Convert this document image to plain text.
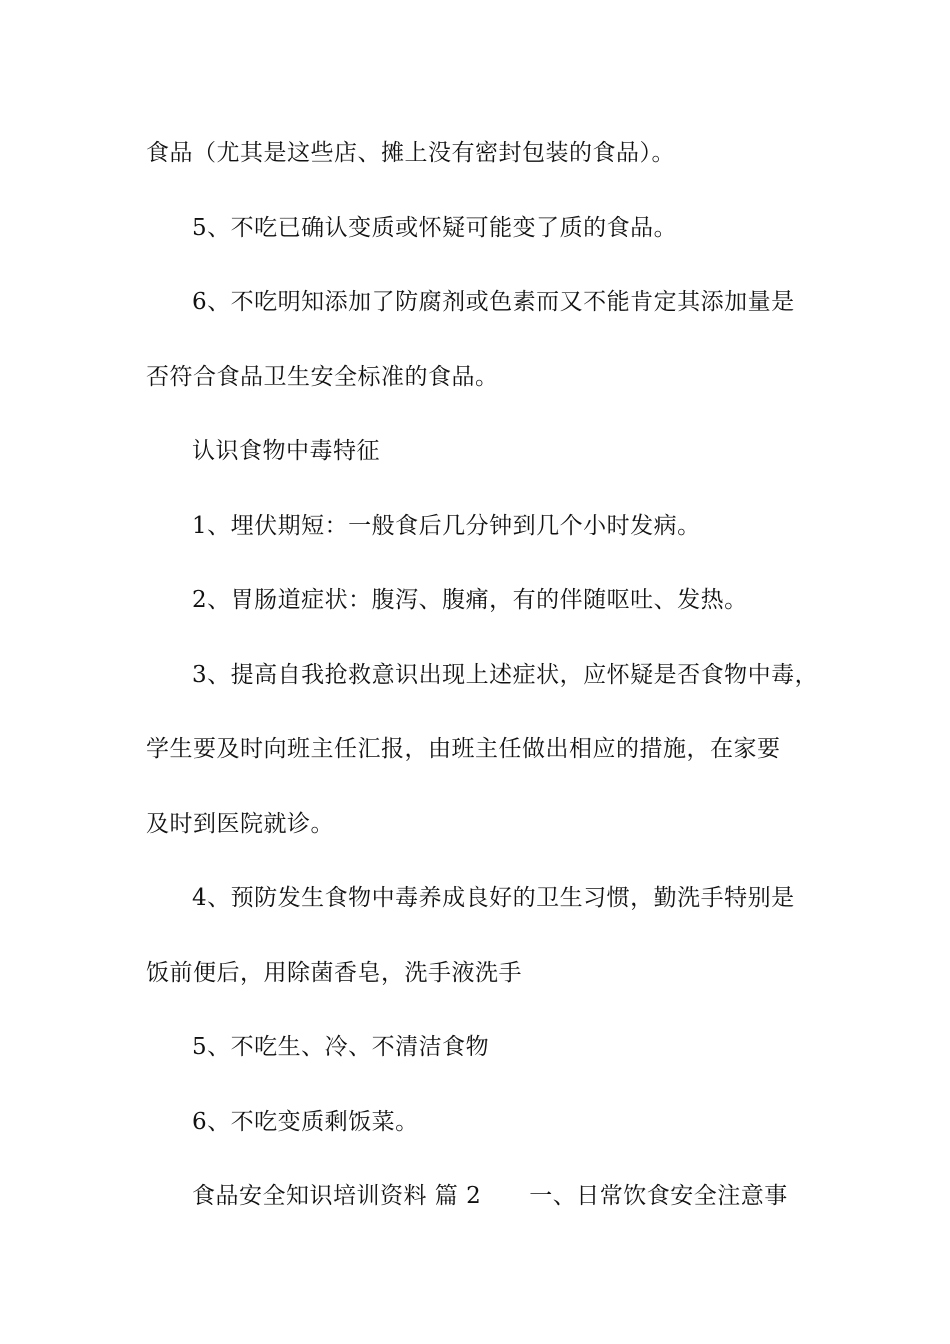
食品（尤其是这些店、摊上没有密封包装的食品）。
5、不吃已确认变质或怀疑可能变了质的食品。
6、不吃明知添加了防腐剂或色素而又不能肯定其添加量是
否符合食品卫生安全标准的食品。
认识食物中毒特征
1、埋伏期短：一般食后几分钟到几个小时发病。
2、胃肠道症状：腹泻、腹痛，有的伴随呕吐、发热。
3、提高自我抢救意识出现上述症状，应怀疑是否食物中毒，
学生要及时向班主任汇报，由班主任做出相应的措施，在家要
及时到医院就诊。
4、预防发生食物中毒养成良好的卫生习惯，勤洗手特别是
饭前便后，用除菌香皂，洗手液洗手
5、不吃生、冷、不清洁食物
6、不吃变质剩饭菜。
食品安全知识培训资料 篇 2 一、日常饮食安全注意事
